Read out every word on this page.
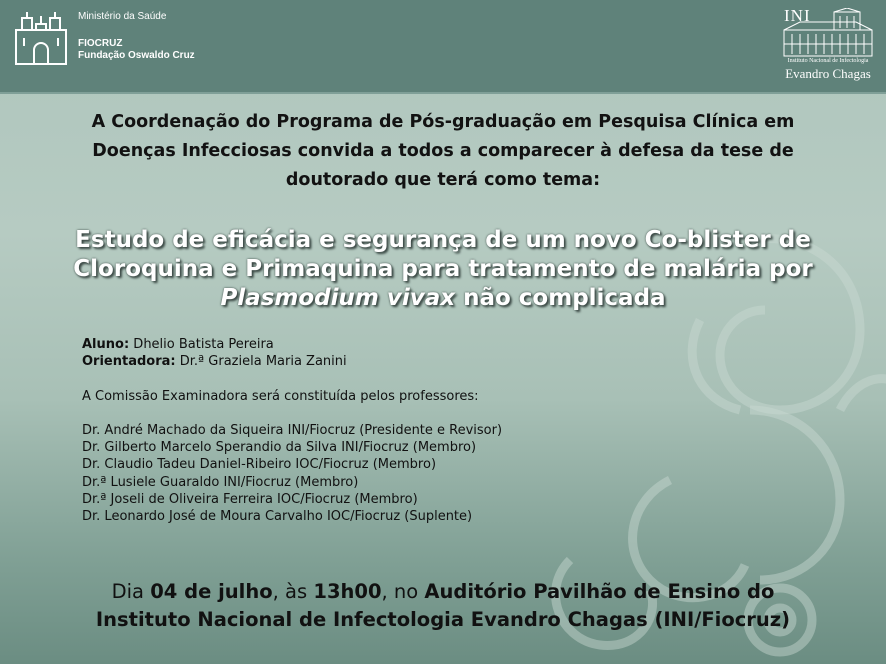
Ministério da Saúde
FIOCRUZ
Fundação Oswaldo Cruz
INI
Instituto Nacional de Infectologia
Evandro Chagas
A Coordenação do Programa de Pós-graduação em Pesquisa Clínica em
Doenças Infecciosas convida a todos a comparecer à defesa da tese de
doutorado que terá como tema:
Estudo de eficácia e segurança de um novo Co-blister de
Cloroquina e Primaquina para tratamento de malária por
Plasmodium vivax não complicada
Aluno: Dhelio Batista Pereira
Orientadora: Dr.ª Graziela Maria Zanini
A Comissão Examinadora será constituída pelos professores:
Dr. André Machado da Siqueira INI/Fiocruz (Presidente e Revisor)
Dr. Gilberto Marcelo Sperandio da Silva INI/Fiocruz (Membro)
Dr. Claudio Tadeu Daniel-Ribeiro IOC/Fiocruz (Membro)
Dr.ª Lusiele Guaraldo INI/Fiocruz (Membro)
Dr.ª Joseli de Oliveira Ferreira IOC/Fiocruz (Membro)
Dr. Leonardo José de Moura Carvalho IOC/Fiocruz (Suplente)
Dia 04 de julho, às 13h00, no Auditório Pavilhão de Ensino do
Instituto Nacional de Infectologia Evandro Chagas (INI/Fiocruz)
